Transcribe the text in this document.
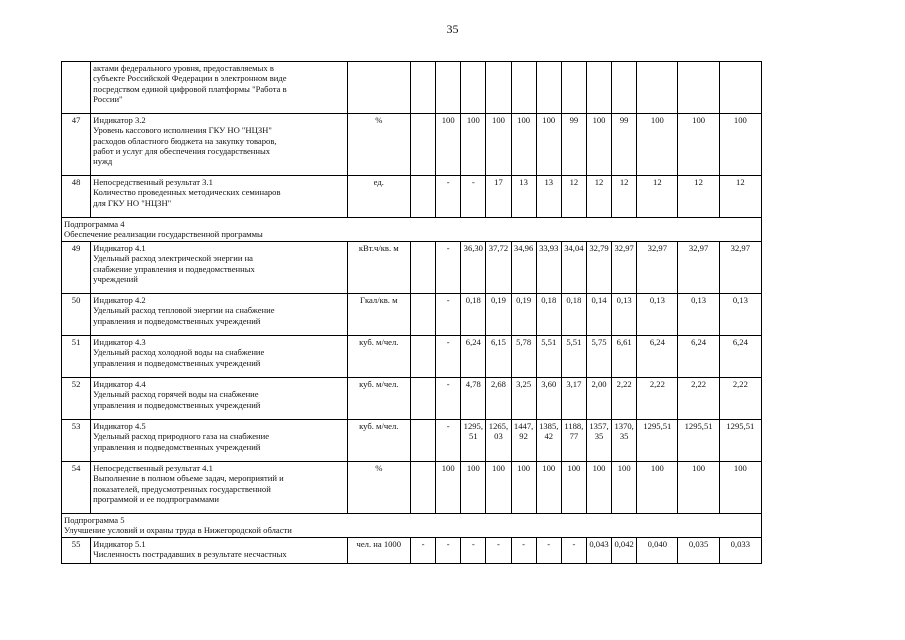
35

	актами федерального уровня, предоставляемых в
субъекте Российской Федерации в электронном виде
посредством единой цифровой платформы "Работа в
России"													

47	Индикатор 3.2
Уровень кассового исполнения ГКУ НО "НЦЗН"
расходов областного бюджета на закупку товаров,
работ и услуг для обеспечения государственных
нужд	%		100	100	100	100	100	99	100	99	100	100	100
48	Непосредственный результат 3.1
Количество проведенных методических семинаров
для ГКУ НО "НЦЗН"	ед.		-	-	17	13	13	12	12	12	12	12	12

Подпрограмма 4
Обеспечение реализации государственной программы														

49	Индикатор 4.1
Удельный расход электрической энергии на
снабжение управления и подведомственных
учреждений	кВт.ч/кв. м		-	36,30	37,72	34,96	33,93	34,04	32,79	32,97	32,97	32,97	32,97
50	Индикатор 4.2
Удельный расход тепловой энергии на снабжение
управления и подведомственных учреждений	Гкал/кв. м		-	0,18	0,19	0,19	0,18	0,18	0,14	0,13	0,13	0,13	0,13
51	Индикатор 4.3
Удельный расход холодной воды на снабжение
управления и подведомственных учреждений	куб. м/чел.		-	6,24	6,15	5,78	5,51	5,51	5,75	6,61	6,24	6,24	6,24
52	Индикатор 4.4
Удельный расход горячей воды на снабжение
управления и подведомственных учреждений	куб. м/чел.		-	4,78	2,68	3,25	3,60	3,17	2,00	2,22	2,22	2,22	2,22
53	Индикатор 4.5
Удельный расход природного газа на снабжение
управления и подведомственных учреждений	куб. м/чел.		-	1295,51	1265,03	1447,92	1385,42	1188,77	1357,35	1370,35	1295,51	1295,51	1295,51
54	Непосредственный результат 4.1
Выполнение в полном объеме задач, мероприятий и
показателей, предусмотренных государственной
программой и ее подпрограммами	%		100	100	100	100	100	100	100	100	100	100	100

Подпрограмма 5
Улучшение условий и охраны труда в Нижегородской области														

55	Индикатор 5.1
Численность пострадавших в результате несчастных	чел. на 1000	-	-	-	-	-	-	-	0,043	0,042	0,040	0,035	0,033
